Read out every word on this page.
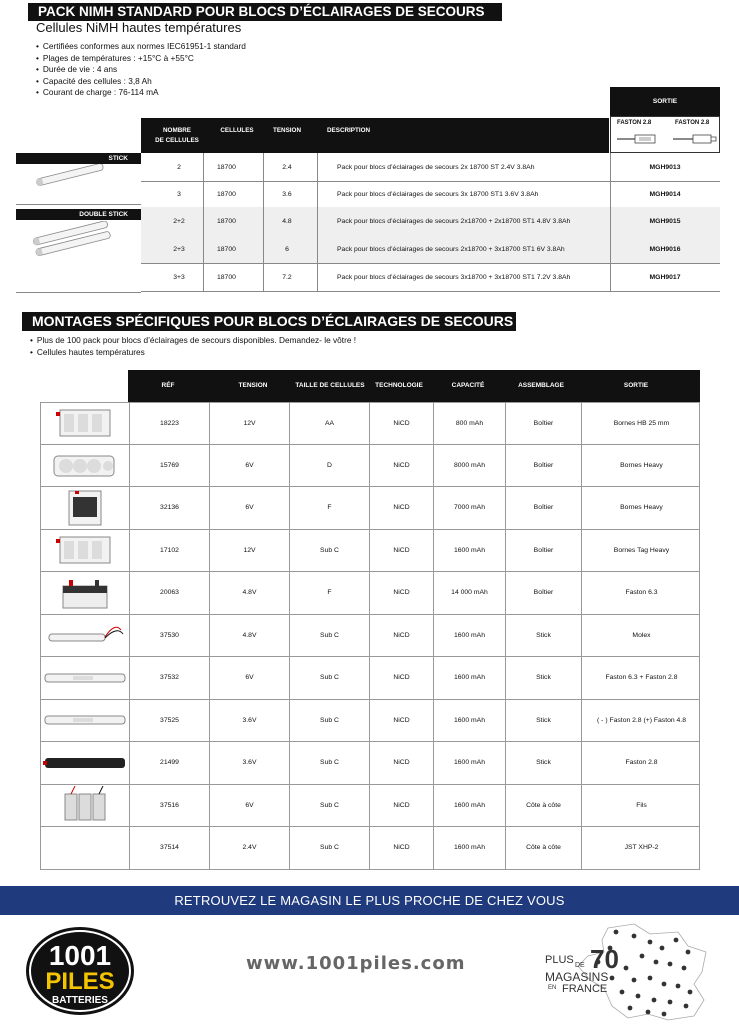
PACK NIMH STANDARD POUR BLOCS D’ÉCLAIRAGES DE SECOURS
Cellules NiMH hautes températures
• Certifiées conformes aux normes IEC61951-1 standard
• Plages de températures : +15°C à +55°C
• Durée de vie : 4 ans
• Capacité des cellules : 3,8 Ah
• Courant de charge : 76-114 mA
SORTIE
FASTON 2.8	FASTON 2.8
NOMBRE
DE CELLULES
CELLULES	TENSION	DESCRIPTION
STICK
DOUBLE STICK
2	18700	2.4	Pack pour blocs d’éclairages de secours 2x 18700 ST 2.4V 3.8Ah	MGH9013
3	18700	3.6	Pack pour blocs d’éclairages de secours 3x 18700 ST1 3.6V 3.8Ah	MGH9014
2+2	18700	4.8	Pack pour blocs d’éclairages de secours 2x18700 + 2x18700 ST1 4.8V 3.8Ah	MGH9015
2+3	18700	6	Pack pour blocs d’éclairages de secours 2x18700 + 3x18700 ST1 6V 3.8Ah	MGH9016
3+3	18700	7.2	Pack pour blocs d’éclairages de secours 3x18700 + 3x18700 ST1 7.2V 3.8Ah	MGH9017
MONTAGES SPÉCIFIQUES POUR BLOCS D’ÉCLAIRAGES DE SECOURS
• Plus de 100 pack pour blocs d’éclairages de secours disponibles. Demandez- le vôtre !
• Cellules hautes températures
RÉF	TENSION	TAILLE DE CELLULES	TECHNOLOGIE	CAPACITÉ	ASSEMBLAGE	SORTIE
18223	12V	AA	NiCD	800 mAh	Boîtier	Bornes HB 25 mm
15769	6V	D	NiCD	8000 mAh	Boîtier	Bornes Heavy
32136	6V	F	NiCD	7000 mAh	Boîtier	Bornes Heavy
17102	12V	Sub C	NiCD	1600 mAh	Boîtier	Bornes Tag Heavy
20063	4.8V	F	NiCD	14 000 mAh	Boîtier	Faston 6.3
37530	4.8V	Sub C	NiCD	1600 mAh	Stick	Molex
37532	6V	Sub C	NiCD	1600 mAh	Stick	Faston 6.3 + Faston 2.8
37525	3.6V	Sub C	NiCD	1600 mAh	Stick	( - ) Faston 2.8 (+) Faston 4.8
21499	3.6V	Sub C	NiCD	1600 mAh	Stick	Faston 2.8
37516	6V	Sub C	NiCD	1600 mAh	Côte à côte	Fils
37514	2.4V	Sub C	NiCD	1600 mAh	Côte à côte	JST XHP-2
RETROUVEZ LE MAGASIN LE PLUS PROCHE DE CHEZ VOUS
1001
PILES
BATTERIES
www.1001piles.com	PLUS DE 70
MAGASINS
EN FRANCE
